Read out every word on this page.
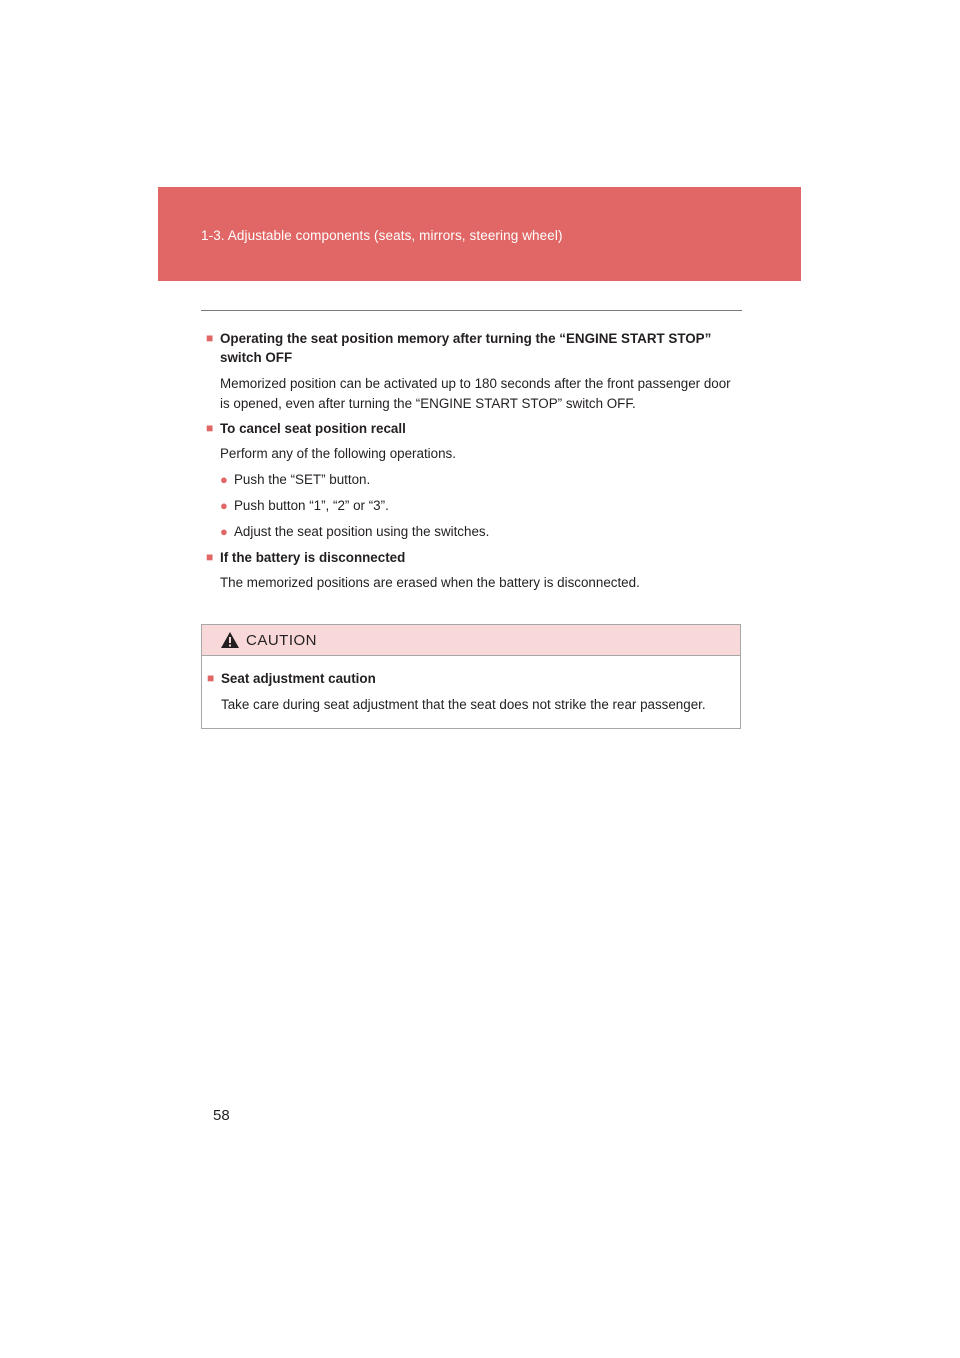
1-3. Adjustable components (seats, mirrors, steering wheel)
■ Operating the seat position memory after turning the “ENGINE START STOP” switch OFF
Memorized position can be activated up to 180 seconds after the front passenger door is opened, even after turning the “ENGINE START STOP” switch OFF.
■ To cancel seat position recall
Perform any of the following operations.
● Push the “SET” button.
● Push button “1”, “2” or “3”.
● Adjust the seat position using the switches.
■ If the battery is disconnected
The memorized positions are erased when the battery is disconnected.
CAUTION
■ Seat adjustment caution
Take care during seat adjustment that the seat does not strike the rear passenger.
58
